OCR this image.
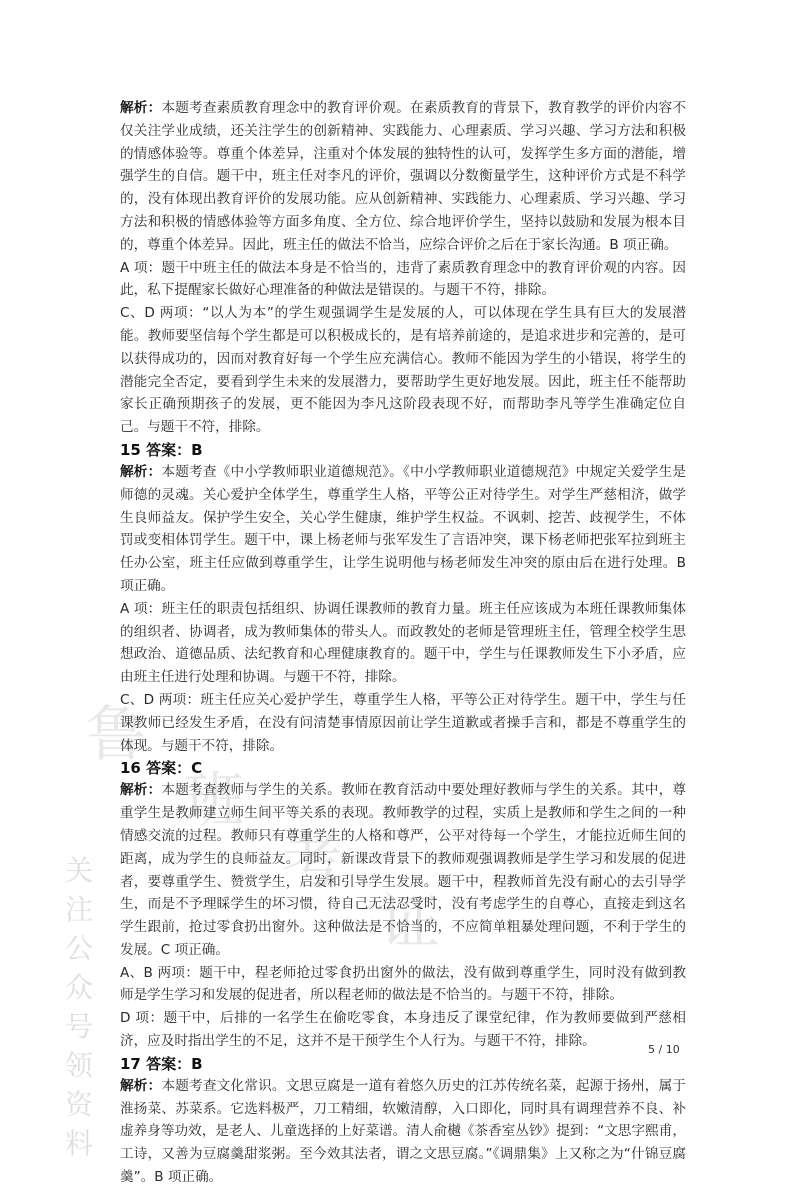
鲁
班
考
证
关
注
公
众
号
领
资
料

解析：本题考查素质教育理念中的教育评价观。在素质教育的背景下，教育教学的评价内容不仅关注学业成绩，还关注学生的创新精神、实践能力、心理素质、学习兴趣、学习方法和积极的情感体验等。尊重个体差异，注重对个体发展的独特性的认可，发挥学生多方面的潜能，增强学生的自信。题干中，班主任对李凡的评价，强调以分数衡量学生，这种评价方式是不科学的，没有体现出教育评价的发展功能。应从创新精神、实践能力、心理素质、学习兴趣、学习方法和积极的情感体验等方面多角度、全方位、综合地评价学生，坚持以鼓励和发展为根本目的，尊重个体差异。因此，班主任的做法不恰当，应综合评价之后在于家长沟通。B 项正确。

A 项：题干中班主任的做法本身是不恰当的，违背了素质教育理念中的教育评价观的内容。因此，私下提醒家长做好心理准备的种做法是错误的。与题干不符，排除。

C、D 两项：“以人为本”的学生观强调学生是发展的人，可以体现在学生具有巨大的发展潜能。教师要坚信每个学生都是可以积极成长的，是有培养前途的，是追求进步和完善的，是可以获得成功的，因而对教育好每一个学生应充满信心。教师不能因为学生的小错误，将学生的潜能完全否定，要看到学生未来的发展潜力，要帮助学生更好地发展。因此，班主任不能帮助家长正确预期孩子的发展，更不能因为李凡这阶段表现不好，而帮助李凡等学生准确定位自己。与题干不符，排除。

15 答案：B

解析：本题考查《中小学教师职业道德规范》。《中小学教师职业道德规范》中规定关爱学生是师德的灵魂。关心爱护全体学生，尊重学生人格，平等公正对待学生。对学生严慈相济，做学生良师益友。保护学生安全，关心学生健康，维护学生权益。不讽刺、挖苦、歧视学生，不体罚或变相体罚学生。题干中，课上杨老师与张军发生了言语冲突，课下杨老师把张军拉到班主任办公室，班主任应做到尊重学生，让学生说明他与杨老师发生冲突的原由后在进行处理。B 项正确。

A 项：班主任的职责包括组织、协调任课教师的教育力量。班主任应该成为本班任课教师集体的组织者、协调者，成为教师集体的带头人。而政教处的老师是管理班主任，管理全校学生思想政治、道德品质、法纪教育和心理健康教育的。题干中，学生与任课教师发生下小矛盾，应由班主任进行处理和协调。与题干不符，排除。

C、D 两项：班主任应关心爱护学生，尊重学生人格，平等公正对待学生。题干中，学生与任课教师已经发生矛盾，在没有问清楚事情原因前让学生道歉或者操手言和，都是不尊重学生的体现。与题干不符，排除。

16 答案：C

解析：本题考查教师与学生的关系。教师在教育活动中要处理好教师与学生的关系。其中，尊重学生是教师建立师生间平等关系的表现。教师教学的过程，实质上是教师和学生之间的一种情感交流的过程。教师只有尊重学生的人格和尊严，公平对待每一个学生，才能拉近师生间的距离，成为学生的良师益友。同时，新课改背景下的教师观强调教师是学生学习和发展的促进者，要尊重学生、赞赏学生，启发和引导学生发展。题干中，程教师首先没有耐心的去引导学生，而是不予理睬学生的坏习惯，待自己无法忍受时，没有考虑学生的自尊心，直接走到这名学生跟前，抢过零食扔出窗外。这种做法是不恰当的，不应简单粗暴处理问题，不利于学生的发展。C 项正确。

A、B 两项：题干中，程老师抢过零食扔出窗外的做法，没有做到尊重学生，同时没有做到教师是学生学习和发展的促进者，所以程老师的做法是不恰当的。与题干不符，排除。

D 项：题干中，后排的一名学生在偷吃零食，本身违反了课堂纪律，作为教师要做到严慈相济，应及时指出学生的不足，这并不是干预学生个人行为。与题干不符，排除。

17 答案：B

解析：本题考查文化常识。文思豆腐是一道有着悠久历史的江苏传统名菜，起源于扬州，属于淮扬菜、苏菜系。它选料极严，刀工精细，软嫩清醇，入口即化，同时具有调理营养不良、补虚养身等功效，是老人、儿童选择的上好菜谱。清人俞樾《茶香室丛钞》提到：“文思字熙甫，工诗，又善为豆腐羹甜浆粥。至今效其法者，谓之文思豆腐。”《调鼎集》上又称之为“什锦豆腐羹”。B 项正确。

5 / 10
